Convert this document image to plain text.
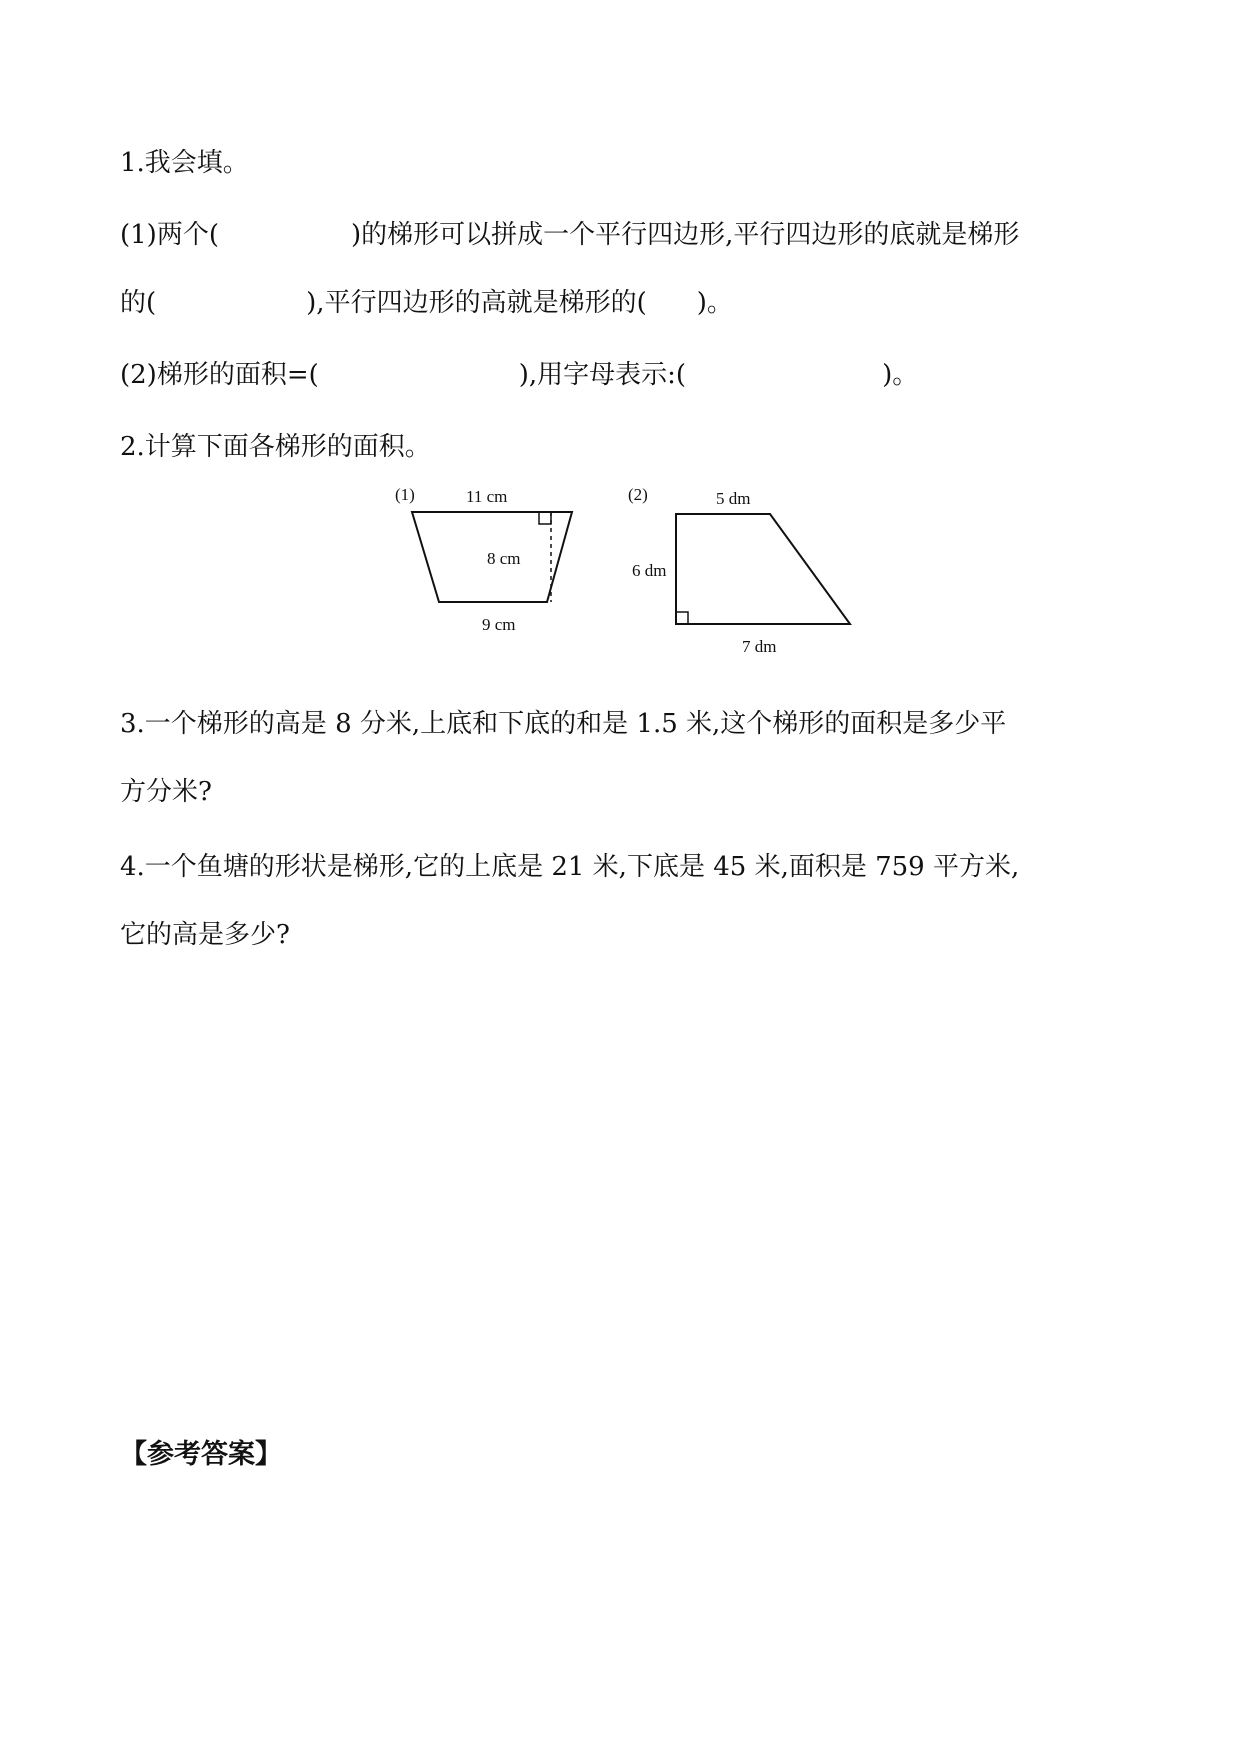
1.我会填。
(1)两个(	)的梯形可以拼成一个平行四边形,平行四边形的底就是梯形
的(	),平行四边形的高就是梯形的( )。
(2)梯形的面积=(	),用字母表示:(	)。
2.计算下面各梯形的面积。
(1)	11 cm
8 cm
9 cm
(2)	5 dm
6 dm
7 dm
3.一个梯形的高是 8 分米,上底和下底的和是 1.5 米,这个梯形的面积是多少平
方分米?
4.一个鱼塘的形状是梯形,它的上底是 21 米,下底是 45 米,面积是 759 平方米,
它的高是多少?
【参考答案】
